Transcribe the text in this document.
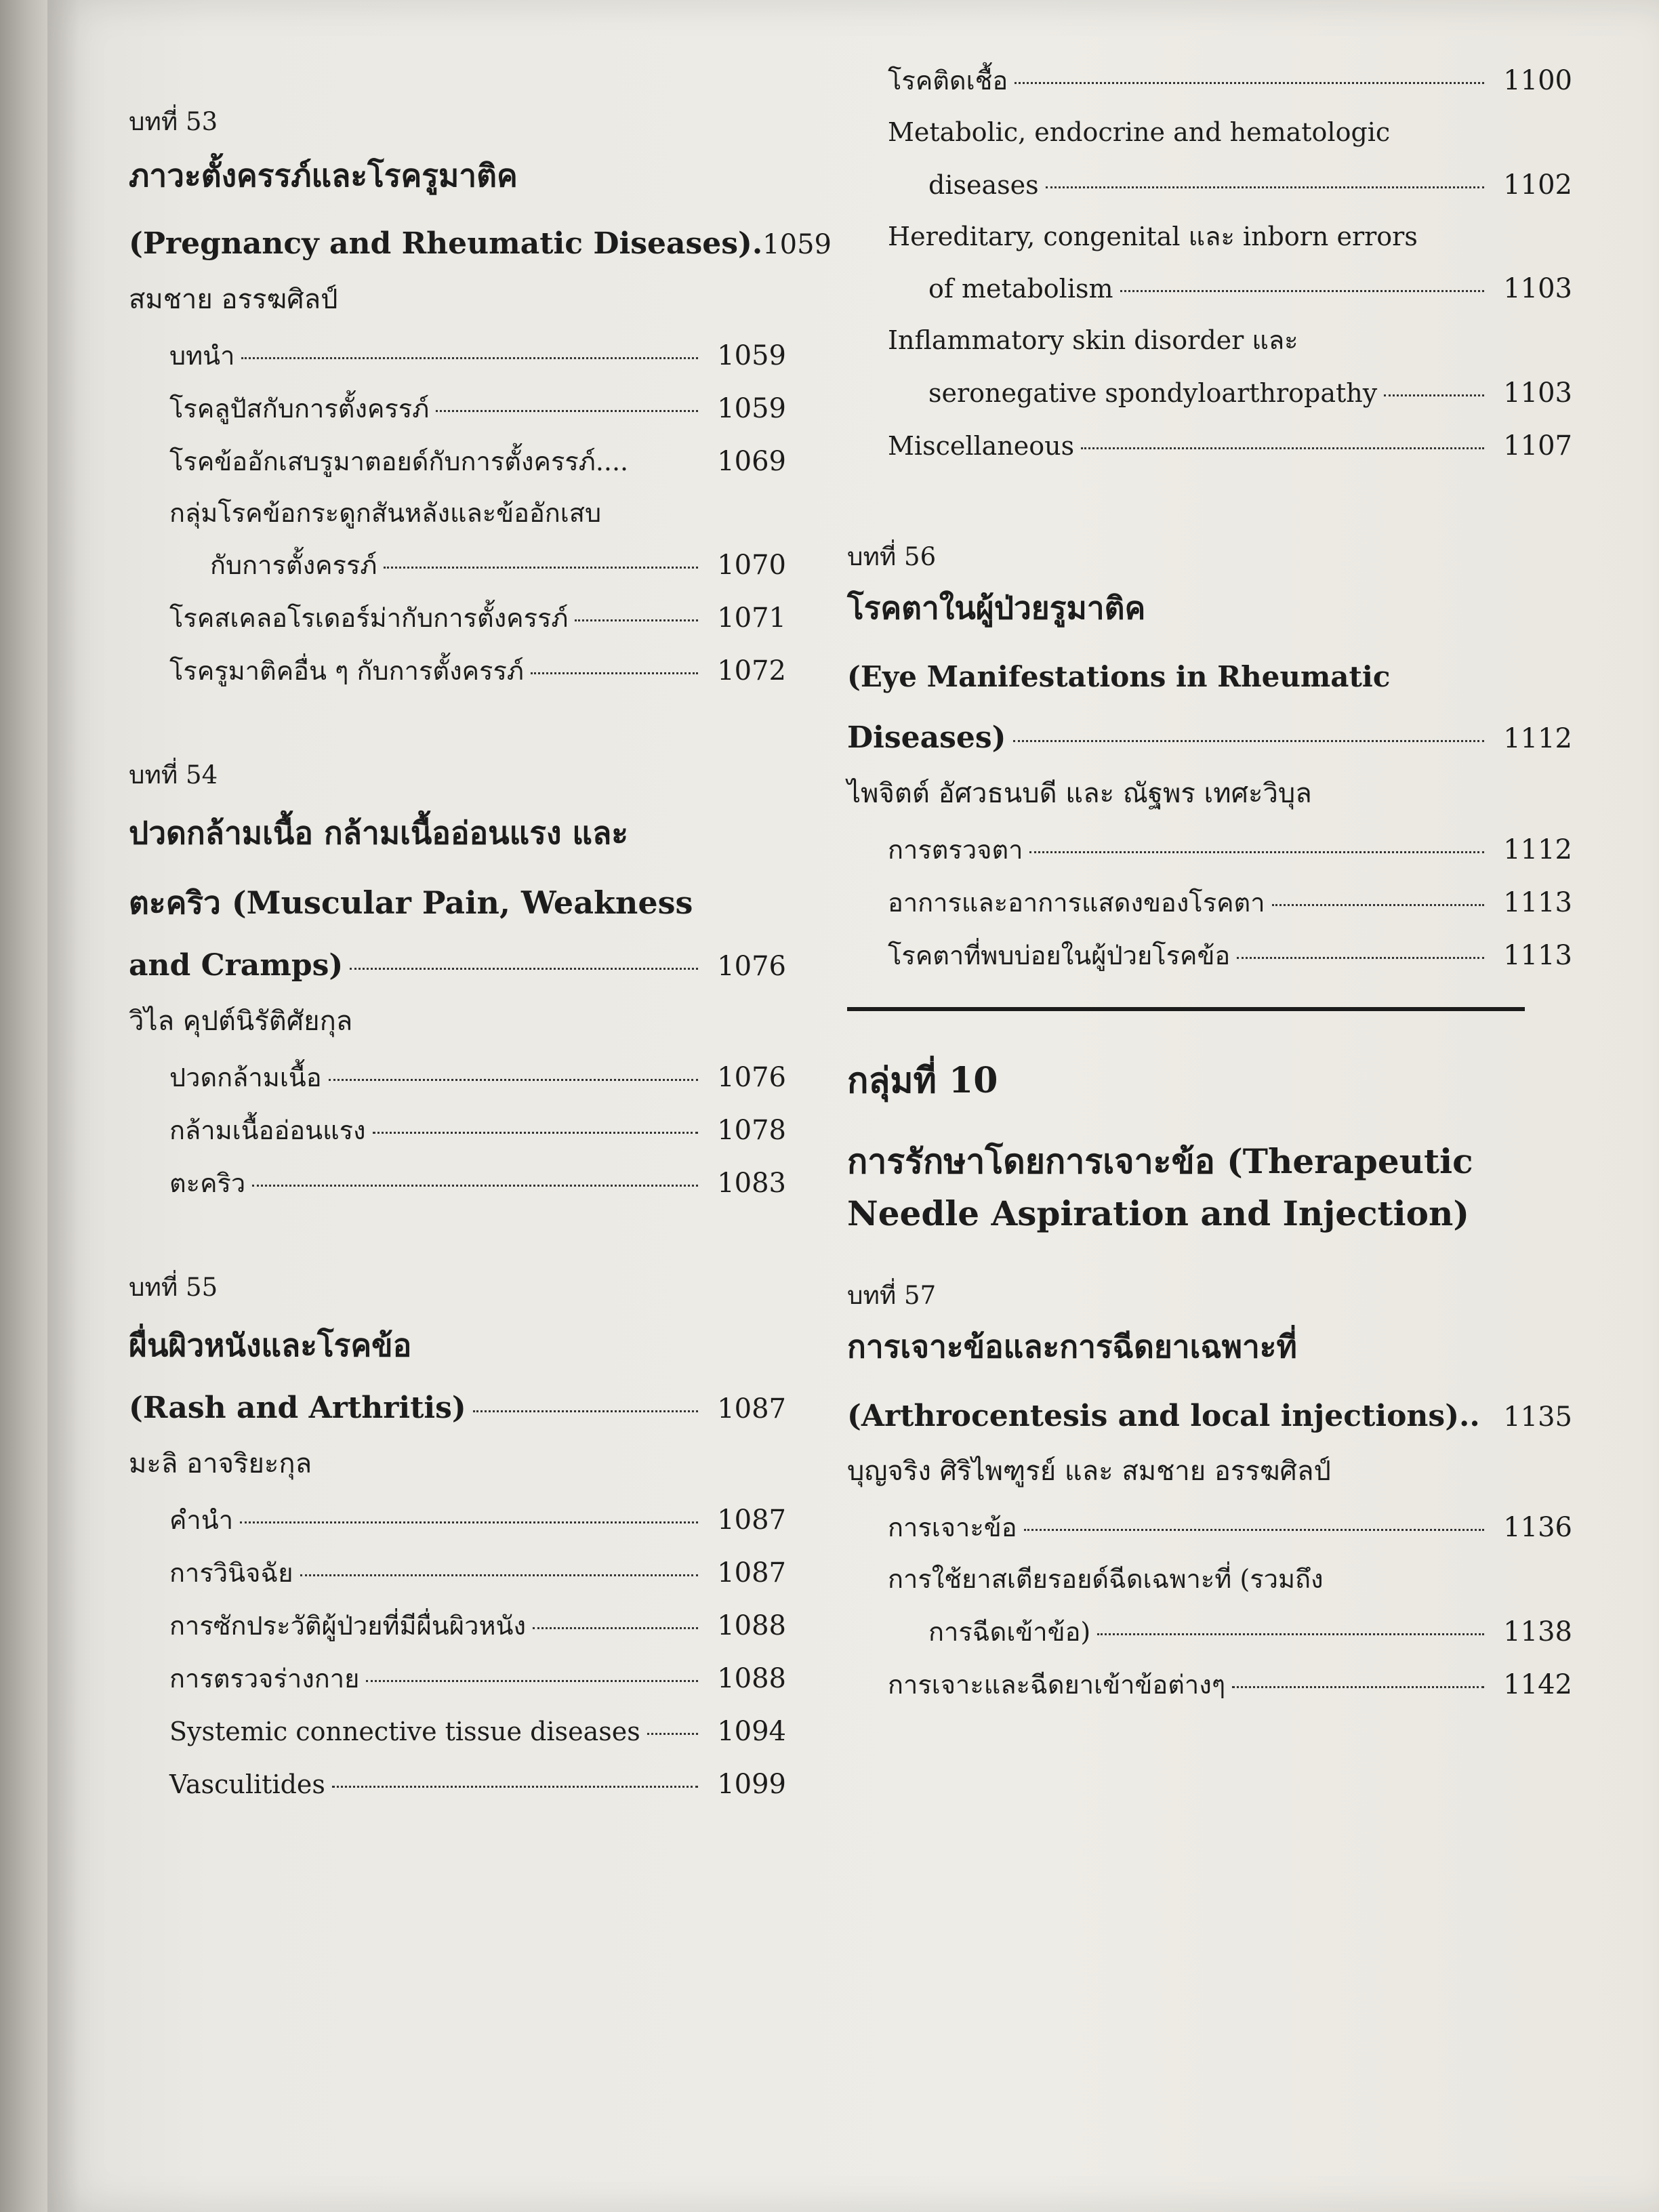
บทที่ 53
ภาวะตั้งครรภ์และโรครูมาติค
(Pregnancy and Rheumatic Diseases). 1059
สมชาย อรรฆศิลป์
บทนำ	1059
โรคลูปัสกับการตั้งครรภ์	1059
โรคข้ออักเสบรูมาตอยด์กับการตั้งครรภ์....	1069
กลุ่มโรคข้อกระดูกสันหลังและข้ออักเสบ
กับการตั้งครรภ์	1070
โรคสเคลอโรเดอร์ม่ากับการตั้งครรภ์	1071
โรครูมาติคอื่น ๆ กับการตั้งครรภ์	1072
บทที่ 54
ปวดกล้ามเนื้อ กล้ามเนื้ออ่อนแรง และ
ตะคริว (Muscular Pain, Weakness
and Cramps)	1076
วิไล คุปต์นิรัติศัยกุล
ปวดกล้ามเนื้อ	1076
กล้ามเนื้ออ่อนแรง	1078
ตะคริว	1083
บทที่ 55
ผื่นผิวหนังและโรคข้อ
(Rash and Arthritis)	1087
มะลิ อาจริยะกุล
คำนำ	1087
การวินิจฉัย	1087
การซักประวัติผู้ป่วยที่มีผื่นผิวหนัง	1088
การตรวจร่างกาย	1088
Systemic connective tissue diseases	1094
Vasculitides	1099
โรคติดเชื้อ	1100
Metabolic, endocrine and hematologic
diseases	1102
Hereditary, congenital และ inborn errors
of metabolism	1103
Inflammatory skin disorder และ
seronegative spondyloarthropathy	1103
Miscellaneous	1107
บทที่ 56
โรคตาในผู้ป่วยรูมาติค
(Eye Manifestations in Rheumatic
Diseases)	1112
ไพจิตต์ อัศวธนบดี และ ณัฐพร เทศะวิบุล
การตรวจตา	1112
อาการและอาการแสดงของโรคตา	1113
โรคตาที่พบบ่อยในผู้ป่วยโรคข้อ	1113
กลุ่มที่ 10
การรักษาโดยการเจาะข้อ (Therapeutic
Needle Aspiration and Injection)
บทที่ 57
การเจาะข้อและการฉีดยาเฉพาะที่
(Arthrocentesis and local injections).. 1135
บุญจริง ศิริไพฑูรย์ และ สมชาย อรรฆศิลป์
การเจาะข้อ	1136
การใช้ยาสเตียรอยด์ฉีดเฉพาะที่ (รวมถึง
การฉีดเข้าข้อ)	1138
การเจาะและฉีดยาเข้าข้อต่างๆ	1142
